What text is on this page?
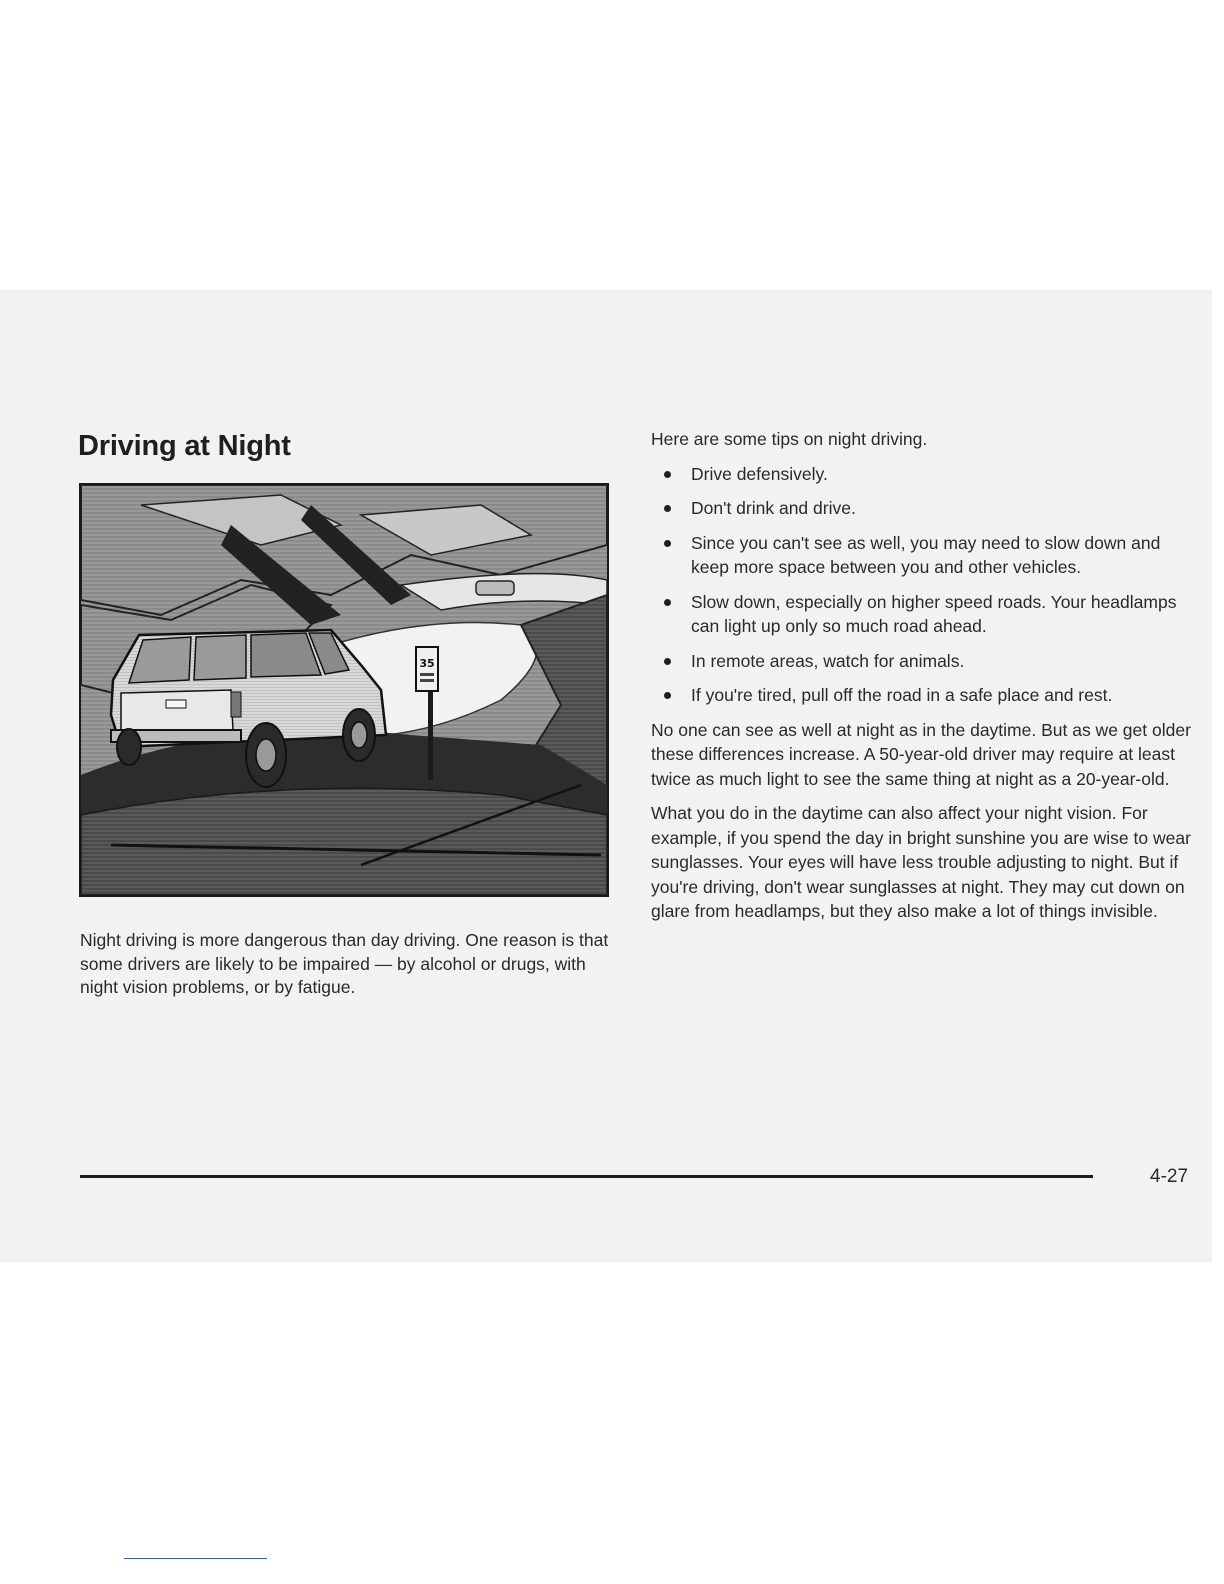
Driving at Night
35

Night driving is more dangerous than day driving. One reason is that some drivers are likely to be impaired — by alcohol or drugs, with night vision problems, or by fatigue.

Here are some tips on night driving.

Drive defensively.
Don't drink and drive.
Since you can't see as well, you may need to slow down and keep more space between you and other vehicles.
Slow down, especially on higher speed roads. Your headlamps can light up only so much road ahead.
In remote areas, watch for animals.
If you're tired, pull off the road in a safe place and rest.

No one can see as well at night as in the daytime. But as we get older these differences increase. A 50-year-old driver may require at least twice as much light to see the same thing at night as a 20-year-old.

What you do in the daytime can also affect your night vision. For example, if you spend the day in bright sunshine you are wise to wear sunglasses. Your eyes will have less trouble adjusting to night. But if you're driving, don't wear sunglasses at night. They may cut down on glare from headlamps, but they also make a lot of things invisible.

4-27
